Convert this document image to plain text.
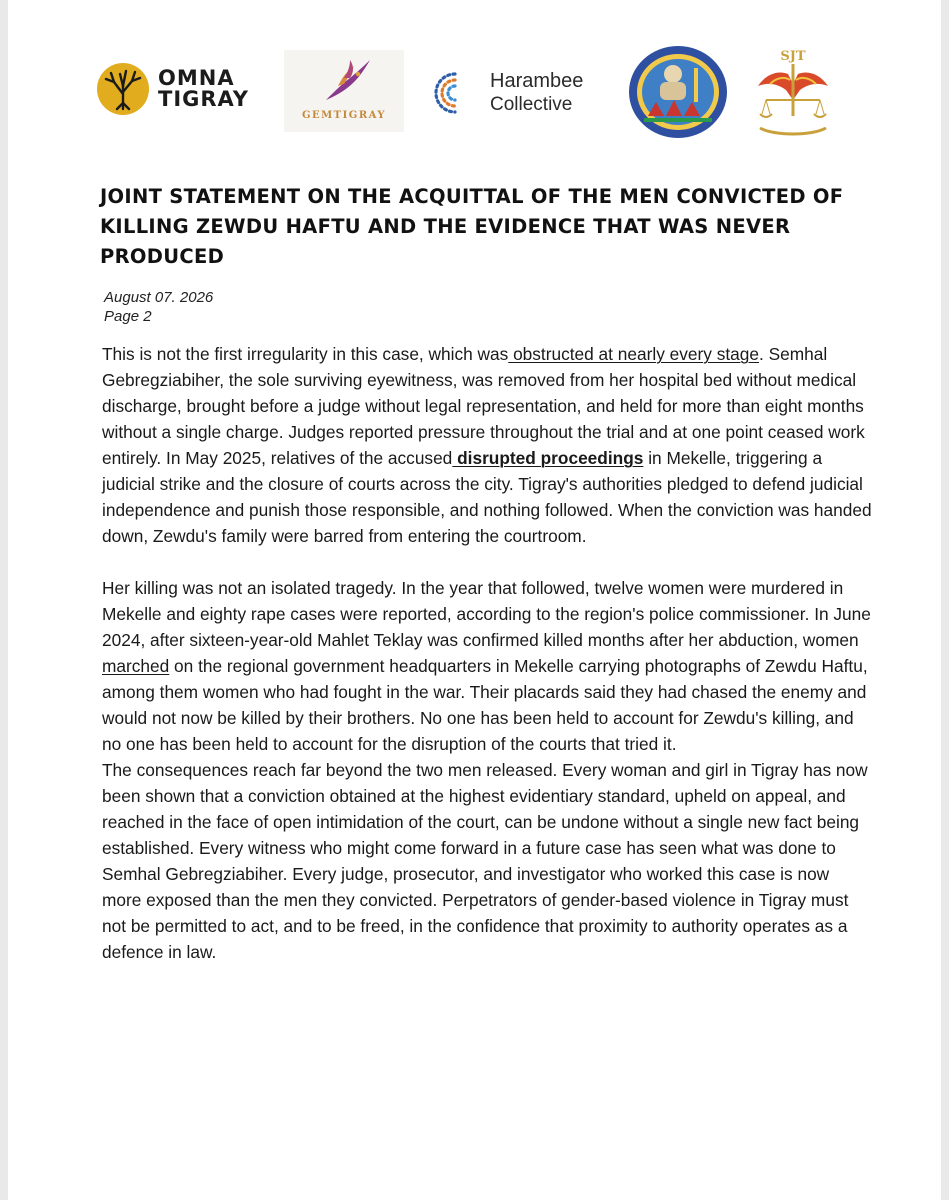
OMNA
TIGRAY
GEMTIGRAY
Harambee
Collective
SJT
JOINT STATEMENT ON THE ACQUITTAL OF THE MEN CONVICTED OF KILLING ZEWDU HAFTU AND THE EVIDENCE THAT WAS NEVER PRODUCED
August 07. 2026
Page 2

This is not the first irregularity in this case, which was obstructed at nearly every stage. Semhal Gebregziabiher, the sole surviving eyewitness, was removed from her hospital bed without medical discharge, brought before a judge without legal representation, and held for more than eight months without a single charge. Judges reported pressure throughout the trial and at one point ceased work entirely. In May 2025, relatives of the accused disrupted proceedings in Mekelle, triggering a judicial strike and the closure of courts across the city. Tigray's authorities pledged to defend judicial independence and punish those responsible, and nothing followed. When the conviction was handed down, Zewdu's family were barred from entering the courtroom.

Her killing was not an isolated tragedy. In the year that followed, twelve women were murdered in Mekelle and eighty rape cases were reported, according to the region's police commissioner. In June 2024, after sixteen-year-old Mahlet Teklay was confirmed killed months after her abduction, women marched on the regional government headquarters in Mekelle carrying photographs of Zewdu Haftu, among them women who had fought in the war. Their placards said they had chased the enemy and would not now be killed by their brothers. No one has been held to account for Zewdu's killing, and no one has been held to account for the disruption of the courts that tried it.

The consequences reach far beyond the two men released. Every woman and girl in Tigray has now been shown that a conviction obtained at the highest evidentiary standard, upheld on appeal, and reached in the face of open intimidation of the court, can be undone without a single new fact being established. Every witness who might come forward in a future case has seen what was done to Semhal Gebregziabiher. Every judge, prosecutor, and investigator who worked this case is now more exposed than the men they convicted. Perpetrators of gender-based violence in Tigray must not be permitted to act, and to be freed, in the confidence that proximity to authority operates as a defence in law.
